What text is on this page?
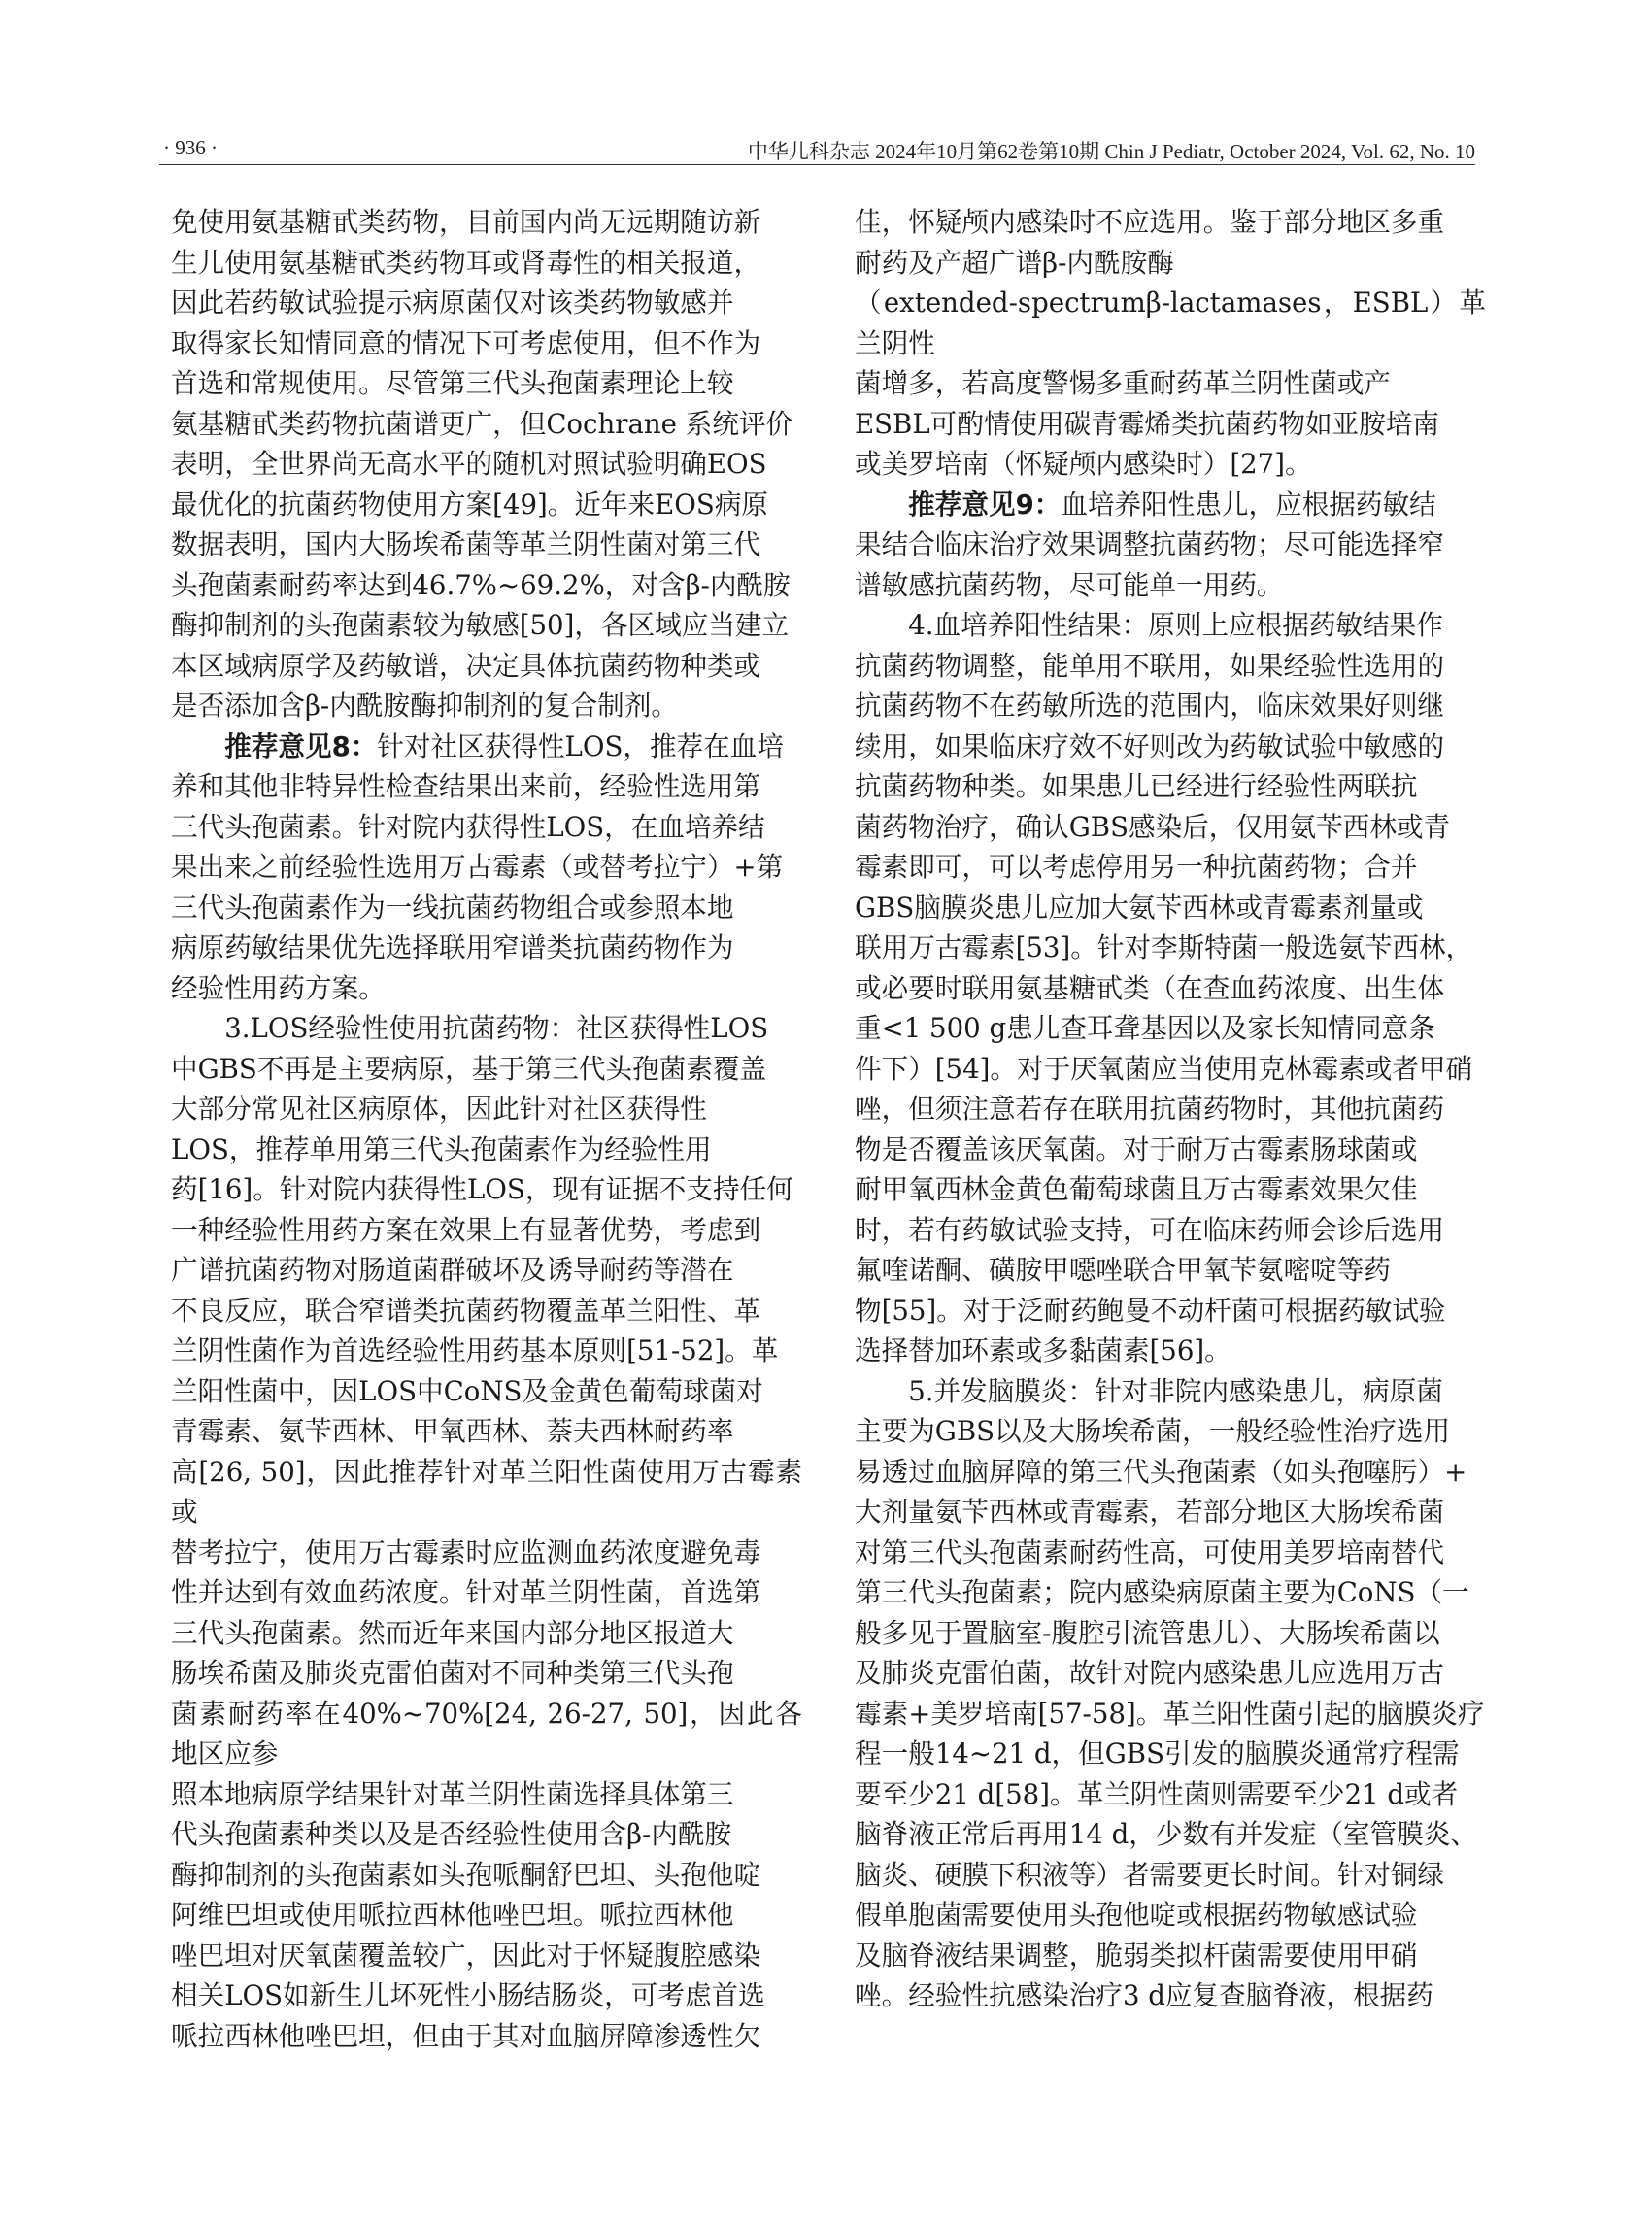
· 936 ·	中华儿科杂志 2024年10月第62卷第10期 Chin J Pediatr, October 2024, Vol. 62, No. 10

免使用氨基糖甙类药物，目前国内尚无远期随访新
生儿使用氨基糖甙类药物耳或肾毒性的相关报道，
因此若药敏试验提示病原菌仅对该类药物敏感并
取得家长知情同意的情况下可考虑使用，但不作为
首选和常规使用。尽管第三代头孢菌素理论上较
氨基糖甙类药物抗菌谱更广，但Cochrane 系统评价
表明，全世界尚无高水平的随机对照试验明确EOS
最优化的抗菌药物使用方案[49]。近年来EOS病原
数据表明，国内大肠埃希菌等革兰阴性菌对第三代
头孢菌素耐药率达到46.7%~69.2%，对含β-内酰胺
酶抑制剂的头孢菌素较为敏感[50]，各区域应当建立
本区域病原学及药敏谱，决定具体抗菌药物种类或
是否添加含β-内酰胺酶抑制剂的复合制剂。

推荐意见8：针对社区获得性LOS，推荐在血培
养和其他非特异性检查结果出来前，经验性选用第
三代头孢菌素。针对院内获得性LOS，在血培养结
果出来之前经验性选用万古霉素（或替考拉宁）+第
三代头孢菌素作为一线抗菌药物组合或参照本地
病原药敏结果优先选择联用窄谱类抗菌药物作为
经验性用药方案。

3.LOS经验性使用抗菌药物：社区获得性LOS
中GBS不再是主要病原，基于第三代头孢菌素覆盖
大部分常见社区病原体，因此针对社区获得性
LOS，推荐单用第三代头孢菌素作为经验性用
药[16]。针对院内获得性LOS，现有证据不支持任何
一种经验性用药方案在效果上有显著优势，考虑到
广谱抗菌药物对肠道菌群破坏及诱导耐药等潜在
不良反应，联合窄谱类抗菌药物覆盖革兰阳性、革
兰阴性菌作为首选经验性用药基本原则[51-52]。革
兰阳性菌中，因LOS中CoNS及金黄色葡萄球菌对
青霉素、氨苄西林、甲氧西林、萘夫西林耐药率
高[26, 50]，因此推荐针对革兰阳性菌使用万古霉素或
替考拉宁，使用万古霉素时应监测血药浓度避免毒
性并达到有效血药浓度。针对革兰阴性菌，首选第
三代头孢菌素。然而近年来国内部分地区报道大
肠埃希菌及肺炎克雷伯菌对不同种类第三代头孢
菌素耐药率在40%~70%[24, 26-27, 50]，因此各地区应参
照本地病原学结果针对革兰阴性菌选择具体第三
代头孢菌素种类以及是否经验性使用含β-内酰胺
酶抑制剂的头孢菌素如头孢哌酮舒巴坦、头孢他啶
阿维巴坦或使用哌拉西林他唑巴坦。哌拉西林他
唑巴坦对厌氧菌覆盖较广，因此对于怀疑腹腔感染
相关LOS如新生儿坏死性小肠结肠炎，可考虑首选
哌拉西林他唑巴坦，但由于其对血脑屏障渗透性欠

佳，怀疑颅内感染时不应选用。鉴于部分地区多重
耐药及产超广谱β-内酰胺酶
（extended-spectrumβ-lactamases，ESBL）革兰阴性
菌增多，若高度警惕多重耐药革兰阴性菌或产
ESBL可酌情使用碳青霉烯类抗菌药物如亚胺培南
或美罗培南（怀疑颅内感染时）[27]。

推荐意见9：血培养阳性患儿，应根据药敏结
果结合临床治疗效果调整抗菌药物；尽可能选择窄
谱敏感抗菌药物，尽可能单一用药。

4.血培养阳性结果：原则上应根据药敏结果作
抗菌药物调整，能单用不联用，如果经验性选用的
抗菌药物不在药敏所选的范围内，临床效果好则继
续用，如果临床疗效不好则改为药敏试验中敏感的
抗菌药物种类。如果患儿已经进行经验性两联抗
菌药物治疗，确认GBS感染后，仅用氨苄西林或青
霉素即可，可以考虑停用另一种抗菌药物；合并
GBS脑膜炎患儿应加大氨苄西林或青霉素剂量或
联用万古霉素[53]。针对李斯特菌一般选氨苄西林，
或必要时联用氨基糖甙类（在查血药浓度、出生体
重<1 500 g患儿查耳聋基因以及家长知情同意条
件下）[54]。对于厌氧菌应当使用克林霉素或者甲硝
唑，但须注意若存在联用抗菌药物时，其他抗菌药
物是否覆盖该厌氧菌。对于耐万古霉素肠球菌或
耐甲氧西林金黄色葡萄球菌且万古霉素效果欠佳
时，若有药敏试验支持，可在临床药师会诊后选用
氟喹诺酮、磺胺甲噁唑联合甲氧苄氨嘧啶等药
物[55]。对于泛耐药鲍曼不动杆菌可根据药敏试验
选择替加环素或多黏菌素[56]。

5.并发脑膜炎：针对非院内感染患儿，病原菌
主要为GBS以及大肠埃希菌，一般经验性治疗选用
易透过血脑屏障的第三代头孢菌素（如头孢噻肟）+
大剂量氨苄西林或青霉素，若部分地区大肠埃希菌
对第三代头孢菌素耐药性高，可使用美罗培南替代
第三代头孢菌素；院内感染病原菌主要为CoNS（一
般多见于置脑室-腹腔引流管患儿）、大肠埃希菌以
及肺炎克雷伯菌，故针对院内感染患儿应选用万古
霉素+美罗培南[57-58]。革兰阳性菌引起的脑膜炎疗
程一般14~21 d，但GBS引发的脑膜炎通常疗程需
要至少21 d[58]。革兰阴性菌则需要至少21 d或者
脑脊液正常后再用14 d，少数有并发症（室管膜炎、
脑炎、硬膜下积液等）者需要更长时间。针对铜绿
假单胞菌需要使用头孢他啶或根据药物敏感试验
及脑脊液结果调整，脆弱类拟杆菌需要使用甲硝
唑。经验性抗感染治疗3 d应复查脑脊液，根据药
